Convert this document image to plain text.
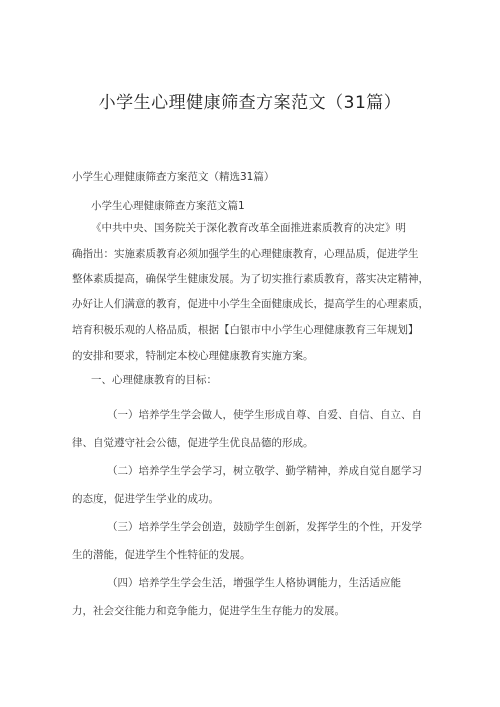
小学生心理健康筛查方案范文（31篇）
小学生心理健康筛查方案范文（精选31篇）
小学生心理健康筛查方案范文篇1
《中共中央、国务院关于深化教育改革全面推进素质教育的决定》明
确指出：实施素质教育必须加强学生的心理健康教育，心理品质，促进学生
整体素质提高，确保学生健康发展。为了切实推行素质教育，落实决定精神，
办好让人们满意的教育，促进中小学生全面健康成长，提高学生的心理素质，
培育积极乐观的人格品质，根据【白银市中小学生心理健康教育三年规划】
的安排和要求，特制定本校心理健康教育实施方案。
一、心理健康教育的目标：
（一）培养学生学会做人，使学生形成自尊、自爱、自信、自立、自
律、自觉遵守社会公德，促进学生优良品德的形成。
（二）培养学生学会学习，树立敬学、勤学精神，养成自觉自愿学习
的态度，促进学生学业的成功。
（三）培养学生学会创造，鼓励学生创新，发挥学生的个性，开发学
生的潜能，促进学生个性特征的发展。
（四）培养学生学会生活，增强学生人格协调能力，生活适应能
力，社会交往能力和竞争能力，促进学生生存能力的发展。
